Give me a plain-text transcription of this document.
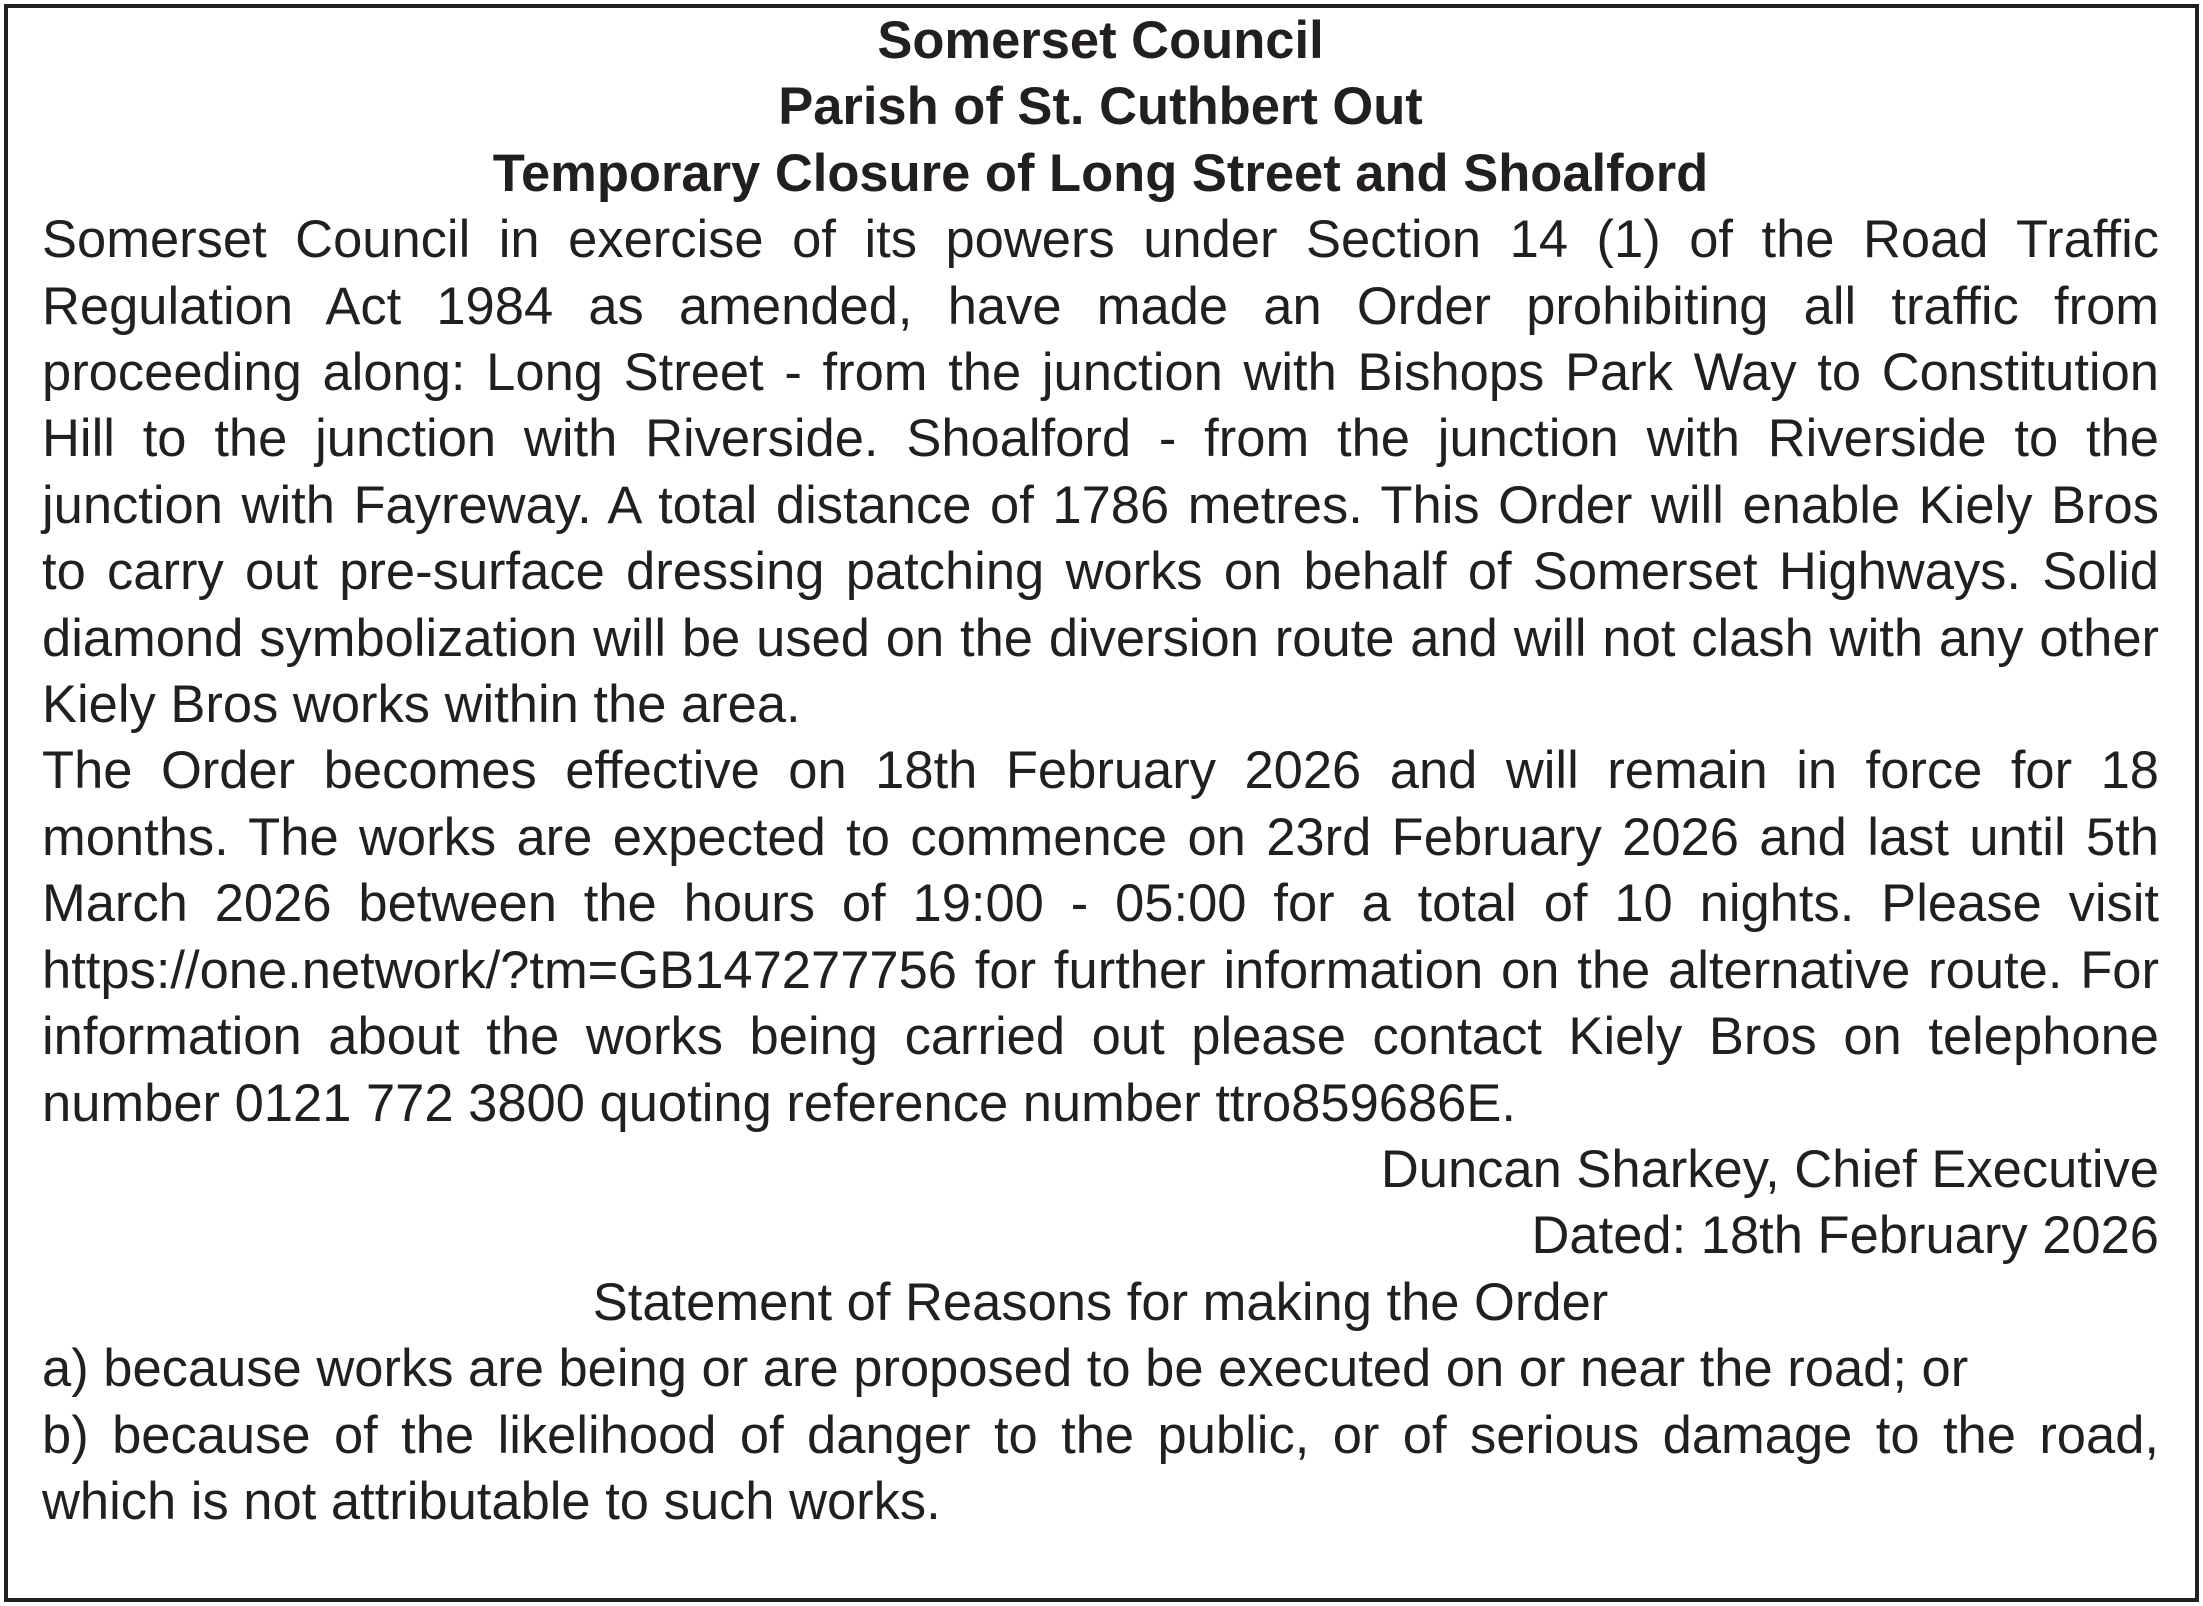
Somerset Council

Parish of St. Cuthbert Out

Temporary Closure of Long Street and Shoalford

Somerset Council in exercise of its powers under Section 14 (1) of the Road Traffic Regulation Act 1984 as amended, have made an Order prohibiting all traffic from proceeding along: Long Street - from the junction with Bishops Park Way to Constitution Hill to the junction with Riverside. Shoalford - from the junction with Riverside to the junction with Fayreway. A total distance of 1786 metres. This Order will enable Kiely Bros to carry out pre-surface dressing patching works on behalf of Somerset Highways. Solid diamond symbolization will be used on the diversion route and will not clash with any other Kiely Bros works within the area.

The Order becomes effective on 18th February 2026 and will remain in force for 18 months. The works are expected to commence on 23rd February 2026 and last until 5th March 2026 between the hours of 19:00 - 05:00 for a total of 10 nights. Please visit https://one.network/?tm=GB147277756 for further information on the alternative route. For information about the works being carried out please contact Kiely Bros on telephone number 0121 772 3800 quoting reference number ttro859686E.

Duncan Sharkey, Chief Executive

Dated: 18th February 2026

Statement of Reasons for making the Order

a) because works are being or are proposed to be executed on or near the road; or
b) because of the likelihood of danger to the public, or of serious damage to the road, which is not attributable to such works.
